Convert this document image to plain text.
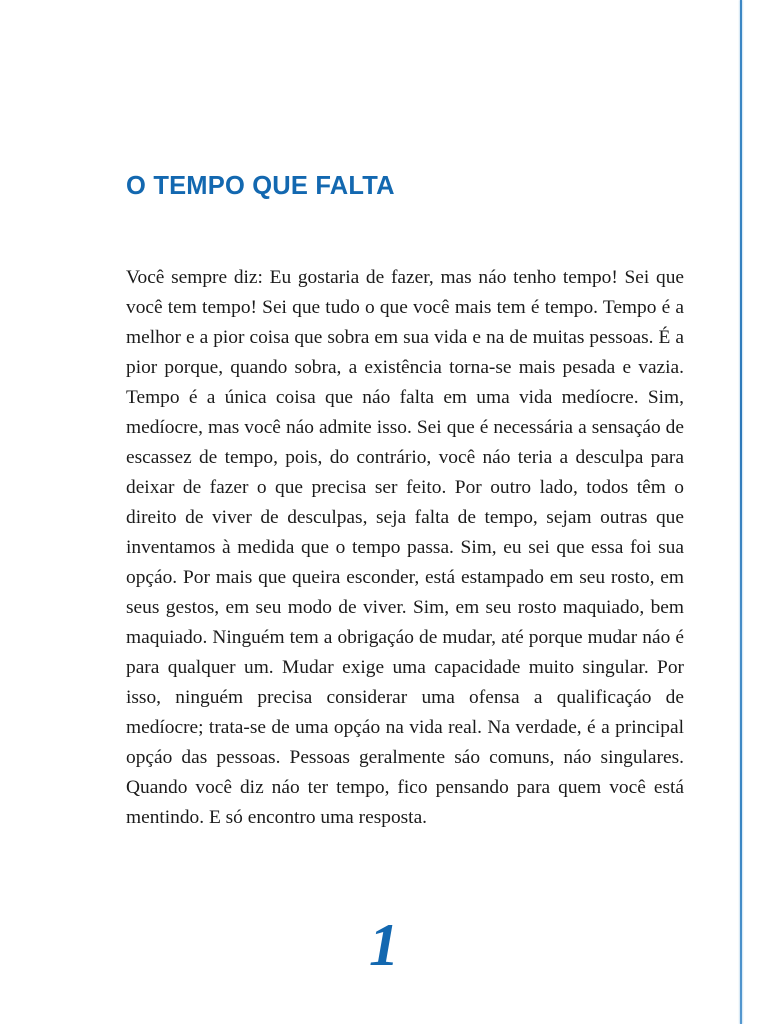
O TEMPO QUE FALTA

Você sempre diz: Eu gostaria de fazer, mas náo tenho tempo! Sei que você tem tempo! Sei que tudo o que você mais tem é tempo. Tempo é a melhor e a pior coisa que sobra em sua vida e na de muitas pessoas. É a pior porque, quando sobra, a existência torna-se mais pesada e vazia. Tempo é a única coisa que náo falta em uma vida medíocre. Sim, medíocre, mas você náo admite isso. Sei que é necessária a sensaçáo de escassez de tempo, pois, do contrário, você náo teria a desculpa para deixar de fazer o que precisa ser feito. Por outro lado, todos têm o direito de viver de desculpas, seja falta de tempo, sejam outras que inventamos à medida que o tempo passa. Sim, eu sei que essa foi sua opçáo. Por mais que queira esconder, está estampado em seu rosto, em seus gestos, em seu modo de viver. Sim, em seu rosto maquiado, bem maquiado. Ninguém tem a obrigaçáo de mudar, até porque mudar náo é para qualquer um. Mudar exige uma capacidade muito singular. Por isso, ninguém precisa considerar uma ofensa a qualificaçáo de medíocre; trata-se de uma opçáo na vida real. Na verdade, é a principal opçáo das pessoas. Pessoas geralmente sáo comuns, náo singulares. Quando você diz náo ter tempo, fico pensando para quem você está mentindo. E só encontro uma resposta.

1
